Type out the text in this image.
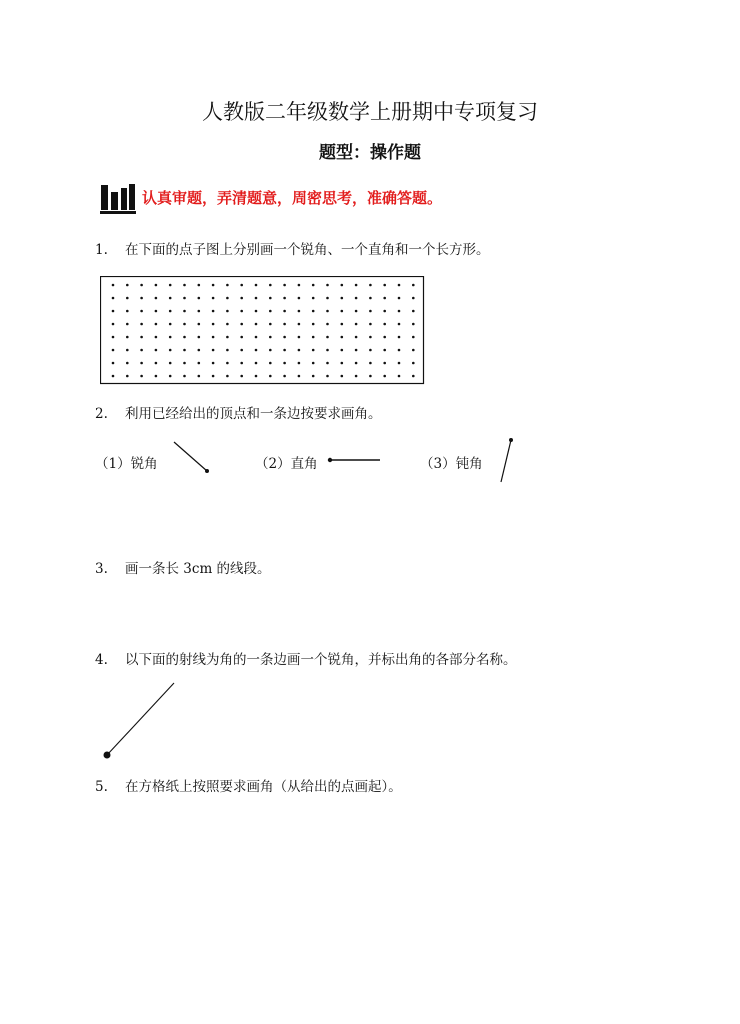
人教版二年级数学上册期中专项复习
题型：操作题
认真审题，弄清题意，周密思考，准确答题。
1. 在下面的点子图上分别画一个锐角、一个直角和一个长方形。
2. 利用已经给出的顶点和一条边按要求画角。
（1）锐角	（2）直角	（3）钝角
3. 画一条长 3cm 的线段。
4. 以下面的射线为角的一条边画一个锐角，并标出角的各部分名称。
5. 在方格纸上按照要求画角（从给出的点画起）。
